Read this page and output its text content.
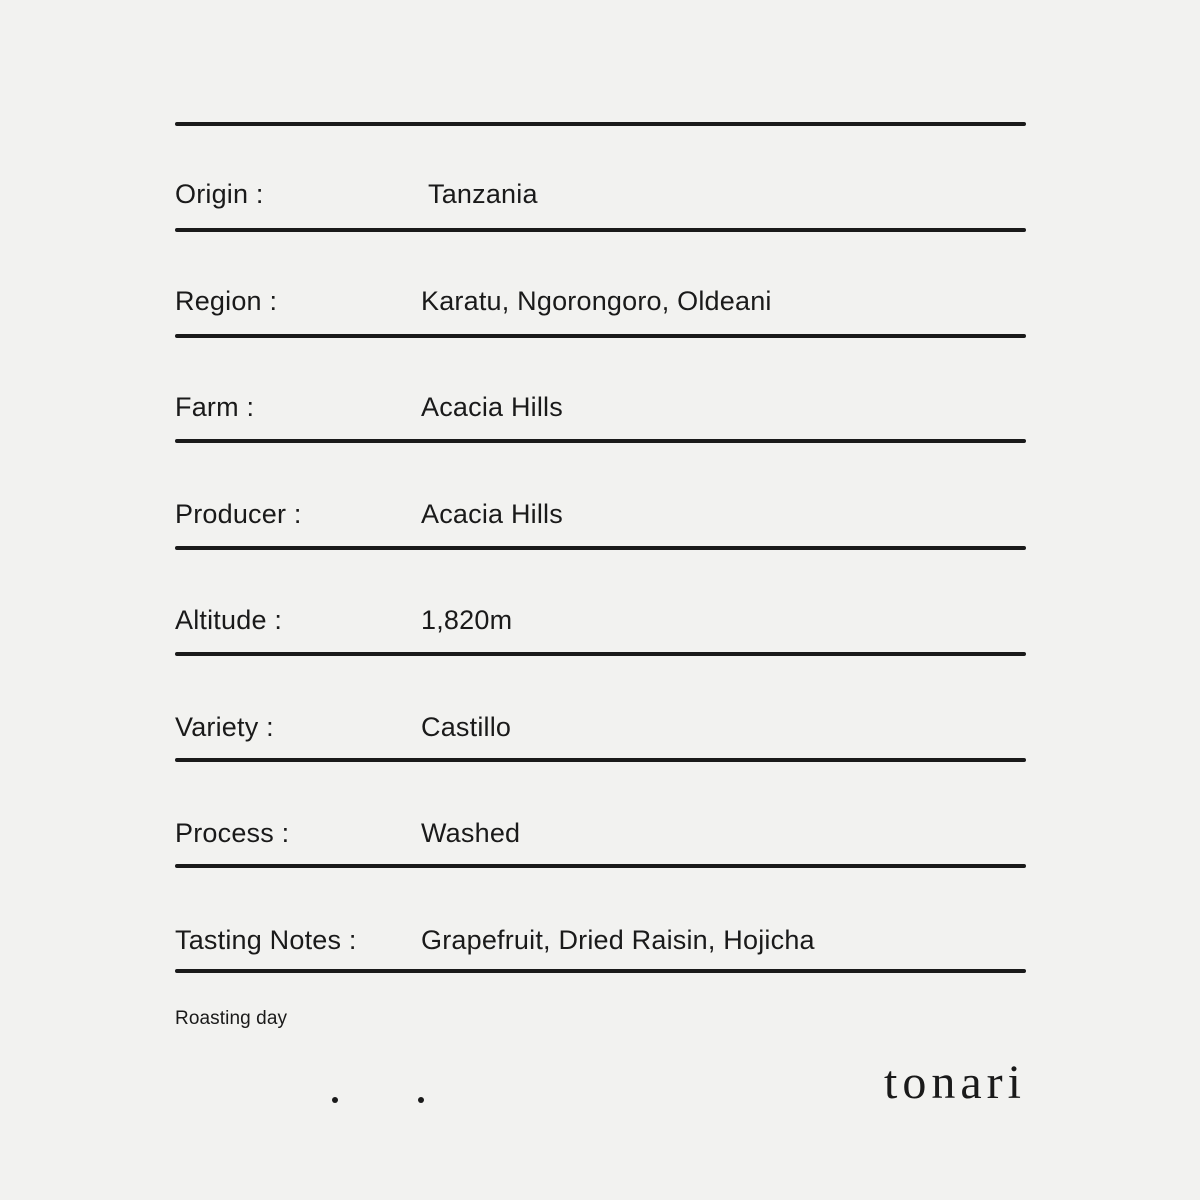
Origin :	Tanzania
Region :	Karatu, Ngorongoro, Oldeani
Farm :	Acacia Hills
Producer :	Acacia Hills
Altitude :	1,820m
Variety :	Castillo
Process :	Washed
Tasting Notes : Grapefruit, Dried Raisin, Hojicha
Roasting day
tonari
